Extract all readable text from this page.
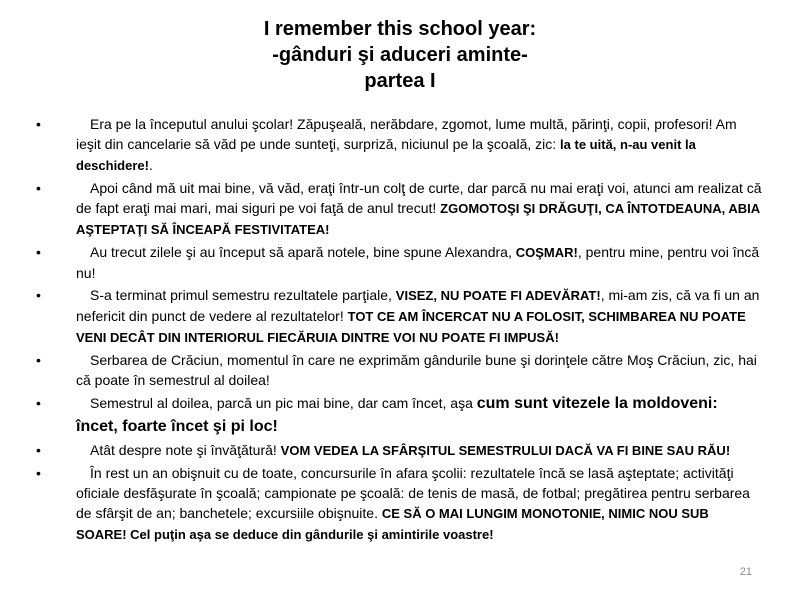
I remember this school year:
-gânduri şi aduceri aminte-
partea I
•	Era pe la începutul anului şcolar! Zăpuşeală, nerăbdare, zgomot, lume multă, părinţi, copii, profesori! Am ieşit din cancelarie să văd pe unde sunteţi, surpriză, niciunul pe la şcoală, zic: la te uită, n-au venit la deschidere!.
•	Apoi când mă uit mai bine, vă văd, eraţi într-un colţ de curte, dar parcă nu mai eraţi voi, atunci am realizat că de fapt eraţi mai mari, mai siguri pe voi faţă de anul trecut! ZGOMOTOŞI ŞI DRĂGUŢI, CA ÎNTOTDEAUNA, ABIA AŞTEPTAŢI SĂ ÎNCEAPĂ FESTIVITATEA!
•	Au trecut zilele şi au început să apară notele, bine spune Alexandra, COŞMAR!, pentru mine, pentru voi încă nu!
•	S-a terminat primul semestru rezultatele parţiale, VISEZ, NU POATE FI ADEVĂRAT!, mi-am zis, că va fi un an nefericit din punct de vedere al rezultatelor! TOT CE AM ÎNCERCAT NU A FOLOSIT, SCHIMBAREA NU POATE VENI DECÂT DIN INTERIORUL FIECĂRUIA DINTRE VOI NU POATE FI IMPUSĂ!
•	Serbarea de Crăciun, momentul în care ne exprimăm gândurile bune şi dorinţele către Moş Crăciun, zic, hai că poate în semestrul al doilea!
•	Semestrul al doilea, parcă un pic mai bine, dar cam încet, aşa cum sunt vitezele la moldoveni: încet, foarte încet şi pi loc!
•	Atât despre note şi învăţătură! VOM VEDEA LA SFÂRŞITUL SEMESTRULUI DACĂ VA FI BINE SAU RĂU!
•	În rest un an obişnuit cu de toate, concursurile în afara şcolii: rezultatele încă se lasă aşteptate; activităţi oficiale desfăşurate în şcoală; campionate pe şcoală: de tenis de masă, de fotbal; pregătirea pentru serbarea de sfârşit de an; banchetele; excursiile obişnuite. CE SĂ O MAI LUNGIM MONOTONIE, NIMIC NOU SUB SOARE! Cel puţin aşa se deduce din gândurile şi amintirile voastre!
21
